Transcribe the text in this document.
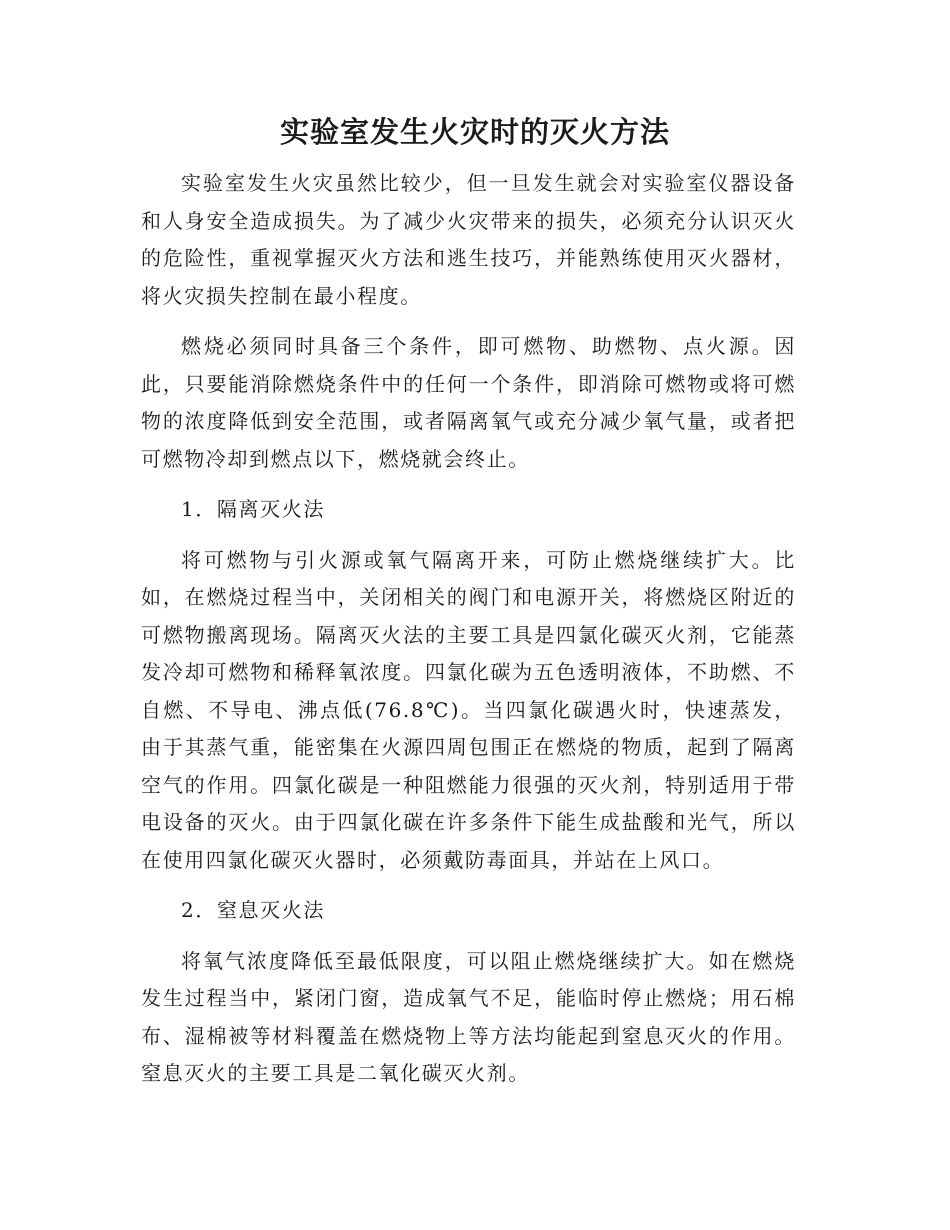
实验室发生火灾时的灭火方法

实验室发生火灾虽然比较少，但一旦发生就会对实验室仪器设备和人身安全造成损失。为了减少火灾带来的损失，必须充分认识灭火的危险性，重视掌握灭火方法和逃生技巧，并能熟练使用灭火器材，将火灾损失控制在最小程度。

燃烧必须同时具备三个条件，即可燃物、助燃物、点火源。因此，只要能消除燃烧条件中的任何一个条件，即消除可燃物或将可燃物的浓度降低到安全范围，或者隔离氧气或充分减少氧气量，或者把可燃物冷却到燃点以下，燃烧就会终止。

1．隔离灭火法

将可燃物与引火源或氧气隔离开来，可防止燃烧继续扩大。比如，在燃烧过程当中，关闭相关的阀门和电源开关，将燃烧区附近的可燃物搬离现场。隔离灭火法的主要工具是四氯化碳灭火剂，它能蒸发冷却可燃物和稀释氧浓度。四氯化碳为五色透明液体，不助燃、不自燃、不导电、沸点低(76.8℃)。当四氯化碳遇火时，快速蒸发，由于其蒸气重，能密集在火源四周包围正在燃烧的物质，起到了隔离空气的作用。四氯化碳是一种阻燃能力很强的灭火剂，特别适用于带电设备的灭火。由于四氯化碳在许多条件下能生成盐酸和光气，所以在使用四氯化碳灭火器时，必须戴防毒面具，并站在上风口。

2．窒息灭火法

将氧气浓度降低至最低限度，可以阻止燃烧继续扩大。如在燃烧发生过程当中，紧闭门窗，造成氧气不足，能临时停止燃烧；用石棉布、湿棉被等材料覆盖在燃烧物上等方法均能起到窒息灭火的作用。窒息灭火的主要工具是二氧化碳灭火剂。
